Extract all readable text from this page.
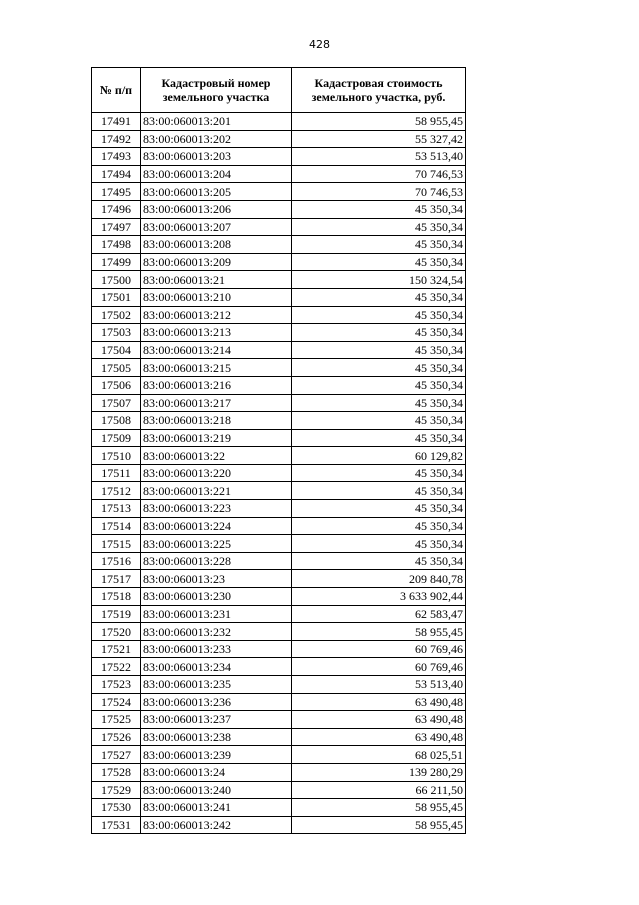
428
№ п/п	Кадастровый номер земельного участка	Кадастровая стоимость земельного участка, руб.
17491	83:00:060013:201	58 955,45
17492	83:00:060013:202	55 327,42
17493	83:00:060013:203	53 513,40
17494	83:00:060013:204	70 746,53
17495	83:00:060013:205	70 746,53
17496	83:00:060013:206	45 350,34
17497	83:00:060013:207	45 350,34
17498	83:00:060013:208	45 350,34
17499	83:00:060013:209	45 350,34
17500	83:00:060013:21	150 324,54
17501	83:00:060013:210	45 350,34
17502	83:00:060013:212	45 350,34
17503	83:00:060013:213	45 350,34
17504	83:00:060013:214	45 350,34
17505	83:00:060013:215	45 350,34
17506	83:00:060013:216	45 350,34
17507	83:00:060013:217	45 350,34
17508	83:00:060013:218	45 350,34
17509	83:00:060013:219	45 350,34
17510	83:00:060013:22	60 129,82
17511	83:00:060013:220	45 350,34
17512	83:00:060013:221	45 350,34
17513	83:00:060013:223	45 350,34
17514	83:00:060013:224	45 350,34
17515	83:00:060013:225	45 350,34
17516	83:00:060013:228	45 350,34
17517	83:00:060013:23	209 840,78
17518	83:00:060013:230	3 633 902,44
17519	83:00:060013:231	62 583,47
17520	83:00:060013:232	58 955,45
17521	83:00:060013:233	60 769,46
17522	83:00:060013:234	60 769,46
17523	83:00:060013:235	53 513,40
17524	83:00:060013:236	63 490,48
17525	83:00:060013:237	63 490,48
17526	83:00:060013:238	63 490,48
17527	83:00:060013:239	68 025,51
17528	83:00:060013:24	139 280,29
17529	83:00:060013:240	66 211,50
17530	83:00:060013:241	58 955,45
17531	83:00:060013:242	58 955,45
